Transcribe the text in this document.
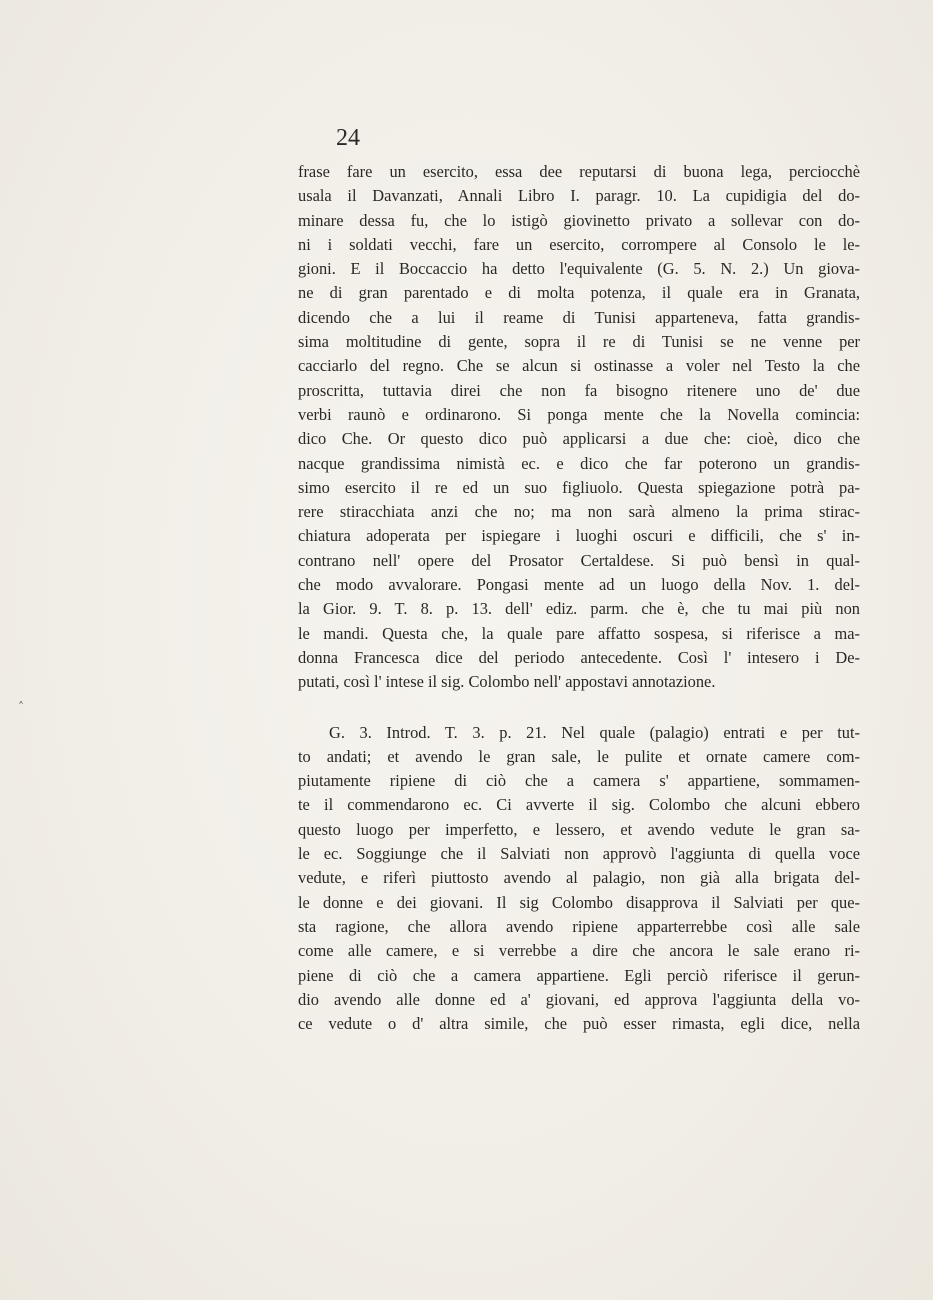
˄
24

frase fare un esercito, essa dee reputarsi di buona lega, perciocchè

usala il Davanzati, Annali Libro I. paragr. 10. La cupidigia del do-

minare dessa fu, che lo istigò giovinetto privato a sollevar con do-

ni i soldati vecchi, fare un esercito, corrompere al Consolo le le-

gioni. E il Boccaccio ha detto l'equivalente (G. 5. N. 2.) Un giova-

ne di gran parentado e di molta potenza, il quale era in Granata,

dicendo che a lui il reame di Tunisi apparteneva, fatta grandis-

sima moltitudine di gente, sopra il re di Tunisi se ne venne per

cacciarlo del regno. Che se alcun si ostinasse a voler nel Testo la che

proscritta, tuttavia direi che non fa bisogno ritenere uno de' due

verbi raunò e ordinarono. Si ponga mente che la Novella comincia:

dico Che. Or questo dico può applicarsi a due che: cioè, dico che

nacque grandissima nimistà ec. e dico che far poterono un grandis-

simo esercito il re ed un suo figliuolo. Questa spiegazione potrà pa-

rere stiracchiata anzi che no; ma non sarà almeno la prima stirac-

chiatura adoperata per ispiegare i luoghi oscuri e difficili, che s' in-

contrano nell' opere del Prosator Certaldese. Si può bensì in qual-

che modo avvalorare. Pongasi mente ad un luogo della Nov. 1. del-

la Gior. 9. T. 8. p. 13. dell' ediz. parm. che è, che tu mai più non

le mandi. Questa che, la quale pare affatto sospesa, si riferisce a ma-

donna Francesca dice del periodo antecedente. Così l' intesero i De-

putati, così l' intese il sig. Colombo nell' appostavi annotazione.

G. 3. Introd. T. 3. p. 21. Nel quale (palagio) entrati e per tut-

to andati; et avendo le gran sale, le pulite et ornate camere com-

piutamente ripiene di ciò che a camera s' appartiene, sommamen-

te il commendarono ec. Ci avverte il sig. Colombo che alcuni ebbero

questo luogo per imperfetto, e lessero, et avendo vedute le gran sa-

le ec. Soggiunge che il Salviati non approvò l'aggiunta di quella voce

vedute, e riferì piuttosto avendo al palagio, non già alla brigata del-

le donne e dei giovani. Il sig Colombo disapprova il Salviati per que-

sta ragione, che allora avendo ripiene apparterrebbe così alle sale

come alle camere, e si verrebbe a dire che ancora le sale erano ri-

piene di ciò che a camera appartiene. Egli perciò riferisce il gerun-

dio avendo alle donne ed a' giovani, ed approva l'aggiunta della vo-

ce vedute o d' altra simile, che può esser rimasta, egli dice, nella
